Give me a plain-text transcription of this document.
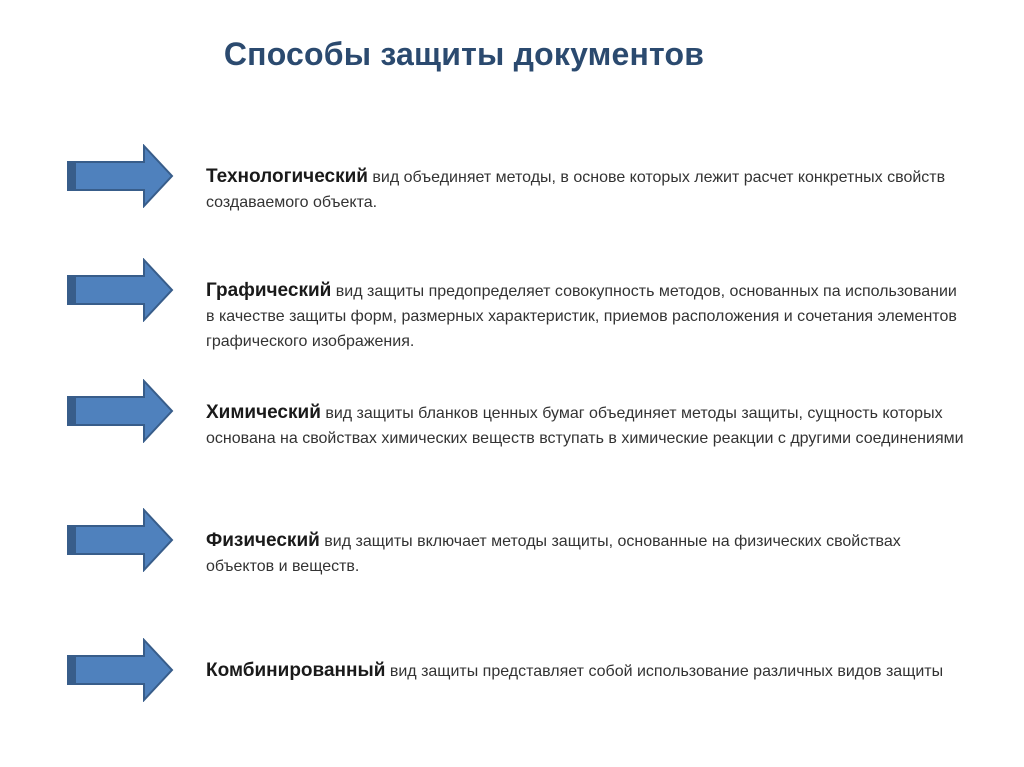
Способы защиты документов
Технологический вид объединяет методы, в основе которых лежит расчет конкретных свойств создаваемого объекта.
Графический вид защиты предопределяет совокупность методов, основанных па использовании в качестве защиты форм, размерных характеристик, приемов расположения и сочетания элементов графического изображения.
Химический вид защиты бланков ценных бумаг объединяет методы защиты, сущность которых основана на свойствах химических веществ вступать в химические реакции с другими соединениями
Физический вид защиты включает методы защиты, основанные на физических свойствах объектов и веществ.
Комбинированный вид защиты представляет собой использование различных видов защиты
